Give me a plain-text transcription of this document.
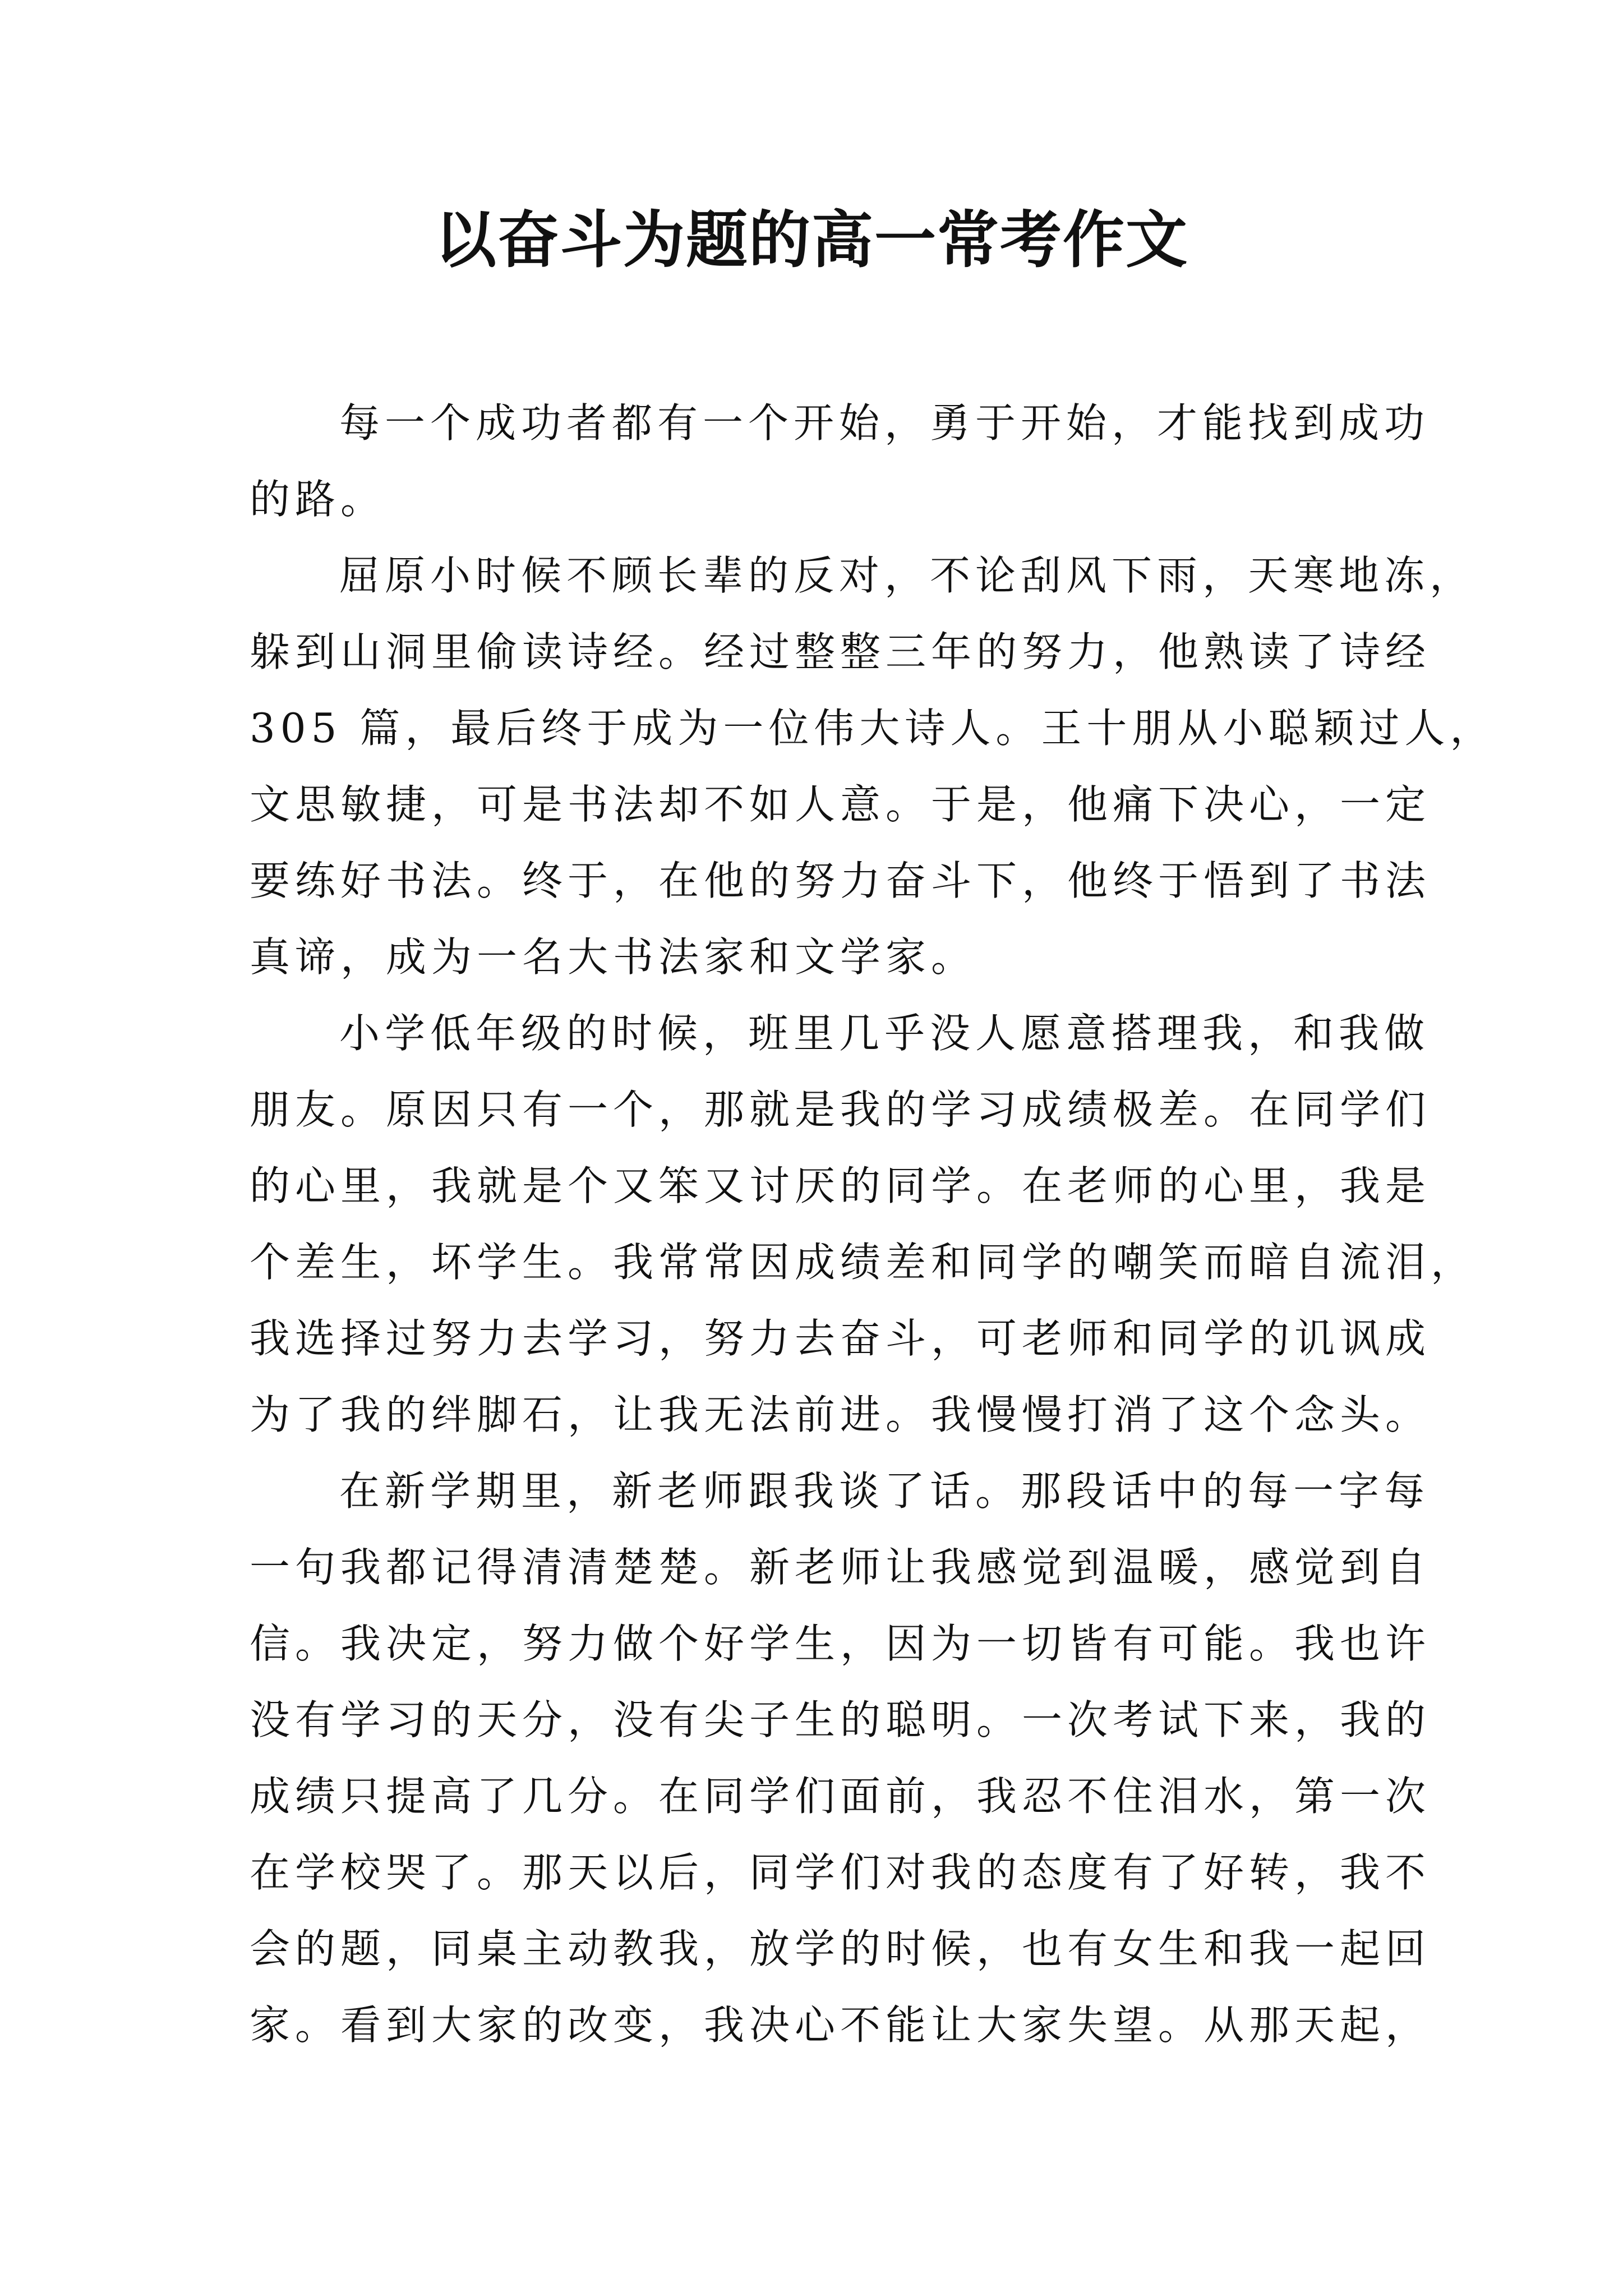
以奋斗为题的高一常考作文
每一个成功者都有一个开始，勇于开始，才能找到成功
的路。
屈原小时候不顾长辈的反对，不论刮风下雨，天寒地冻，
躲到山洞里偷读诗经。经过整整三年的努力，他熟读了诗经
305 篇，最后终于成为一位伟大诗人。王十朋从小聪颖过人，
文思敏捷，可是书法却不如人意。于是，他痛下决心，一定
要练好书法。终于，在他的努力奋斗下，他终于悟到了书法
真谛，成为一名大书法家和文学家。
小学低年级的时候，班里几乎没人愿意搭理我，和我做
朋友。原因只有一个，那就是我的学习成绩极差。在同学们
的心里，我就是个又笨又讨厌的同学。在老师的心里，我是
个差生，坏学生。我常常因成绩差和同学的嘲笑而暗自流泪，
我选择过努力去学习，努力去奋斗，可老师和同学的讥讽成
为了我的绊脚石，让我无法前进。我慢慢打消了这个念头。
在新学期里，新老师跟我谈了话。那段话中的每一字每
一句我都记得清清楚楚。新老师让我感觉到温暖，感觉到自
信。我决定，努力做个好学生，因为一切皆有可能。我也许
没有学习的天分，没有尖子生的聪明。一次考试下来，我的
成绩只提高了几分。在同学们面前，我忍不住泪水，第一次
在学校哭了。那天以后，同学们对我的态度有了好转，我不
会的题，同桌主动教我，放学的时候，也有女生和我一起回
家。看到大家的改变，我决心不能让大家失望。从那天起，
